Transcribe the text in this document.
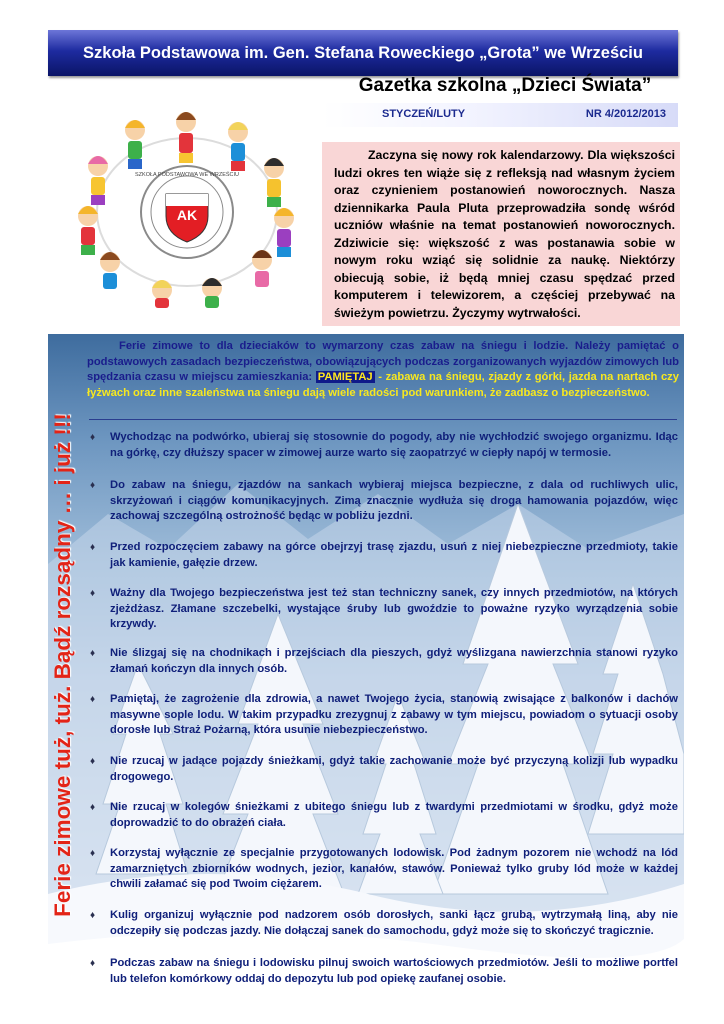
Szkoła Podstawowa im. Gen. Stefana Roweckiego „Grota” we Wrześciu
AK
SZKOŁA PODSTAWOWA WE WRZEŚCIU
Gazetka szkolna „Dzieci Świata”
STYCZEŃ/LUTY	NR 4/2012/2013
Zaczyna się nowy rok kalendarzowy. Dla większości ludzi okres ten wiąże się z refleksją nad własnym życiem oraz czynieniem postanowień noworocznych. Nasza dziennikarka Paula Pluta przeprowadziła sondę wśród uczniów właśnie na temat postanowień noworocznych. Zdziwicie się: większość z was postanawia sobie w nowym roku wziąć się solidnie za naukę. Niektórzy obiecują sobie, iż będą mniej czasu spędzać przed komputerem i telewizorem, a częściej przebywać na świeżym powietrzu. Życzymy wytrwałości.
Ferie zimowe tuż, tuż. Bądź rozsądny … i już !!!
Ferie zimowe to dla dzieciaków to wymarzony czas zabaw na śniegu i lodzie. Należy pamiętać o podstawowych zasadach bezpieczeństwa, obowiązujących podczas zorganizowanych wyjazdów zimowych lub spędzania czasu w miejscu zamieszkania: PAMIĘTAJ - zabawa na śniegu, zjazdy z górki, jazda na nartach czy łyżwach oraz inne szaleństwa na śniegu dają wiele radości pod warunkiem, że zadbasz o bezpieczeństwo.
♦	Wychodząc na podwórko, ubieraj się stosownie do pogody, aby nie wychłodzić swojego organizmu. Idąc na górkę, czy dłuższy spacer w zimowej aurze warto się zaopatrzyć w ciepły napój w termosie.
♦	Do zabaw na śniegu, zjazdów na sankach wybieraj miejsca bezpieczne, z dala od ruchliwych ulic, skrzyżowań i ciągów komunikacyjnych. Zimą znacznie wydłuża się droga hamowania pojazdów, więc zachowaj szczególną ostrożność będąc w pobliżu jezdni.
♦	Przed rozpoczęciem zabawy na górce obejrzyj trasę zjazdu, usuń z niej niebezpieczne przedmioty, takie jak kamienie, gałęzie drzew.
♦	Ważny dla Twojego bezpieczeństwa jest też stan techniczny sanek, czy innych przedmiotów, na których zjeżdżasz. Złamane szczebelki, wystające śruby lub gwoździe to poważne ryzyko wyrządzenia sobie krzywdy.
♦	Nie ślizgaj się na chodnikach i przejściach dla pieszych, gdyż wyślizgana nawierzchnia stanowi ryzyko złamań kończyn dla innych osób.
♦	Pamiętaj, że zagrożenie dla zdrowia, a nawet Twojego życia, stanowią zwisające z balkonów i dachów masywne sople lodu. W takim przypadku zrezygnuj z zabawy w tym miejscu, powiadom o sytuacji osoby dorosłe lub Straż Pożarną, która usunie niebezpieczeństwo.
♦	Nie rzucaj w jadące pojazdy śnieżkami, gdyż takie zachowanie może być przyczyną kolizji lub wypadku drogowego.
♦	Nie rzucaj w kolegów śnieżkami z ubitego śniegu lub z twardymi przedmiotami w środku, gdyż może doprowadzić to do obrażeń ciała.
♦	Korzystaj wyłącznie ze specjalnie przygotowanych lodowisk. Pod żadnym pozorem nie wchodź na lód zamarzniętych zbiorników wodnych, jezior, kanałów, stawów. Ponieważ tylko gruby lód może w każdej chwili załamać się pod Twoim ciężarem.
♦	Kulig organizuj wyłącznie pod nadzorem osób dorosłych, sanki łącz grubą, wytrzymałą liną, aby nie odczepiły się podczas jazdy. Nie dołączaj sanek do samochodu, gdyż może się to skończyć tragicznie.
♦	Podczas zabaw na śniegu i lodowisku pilnuj swoich wartościowych przedmiotów. Jeśli to możliwe portfel lub telefon komórkowy oddaj do depozytu lub pod opiekę zaufanej osobie.
